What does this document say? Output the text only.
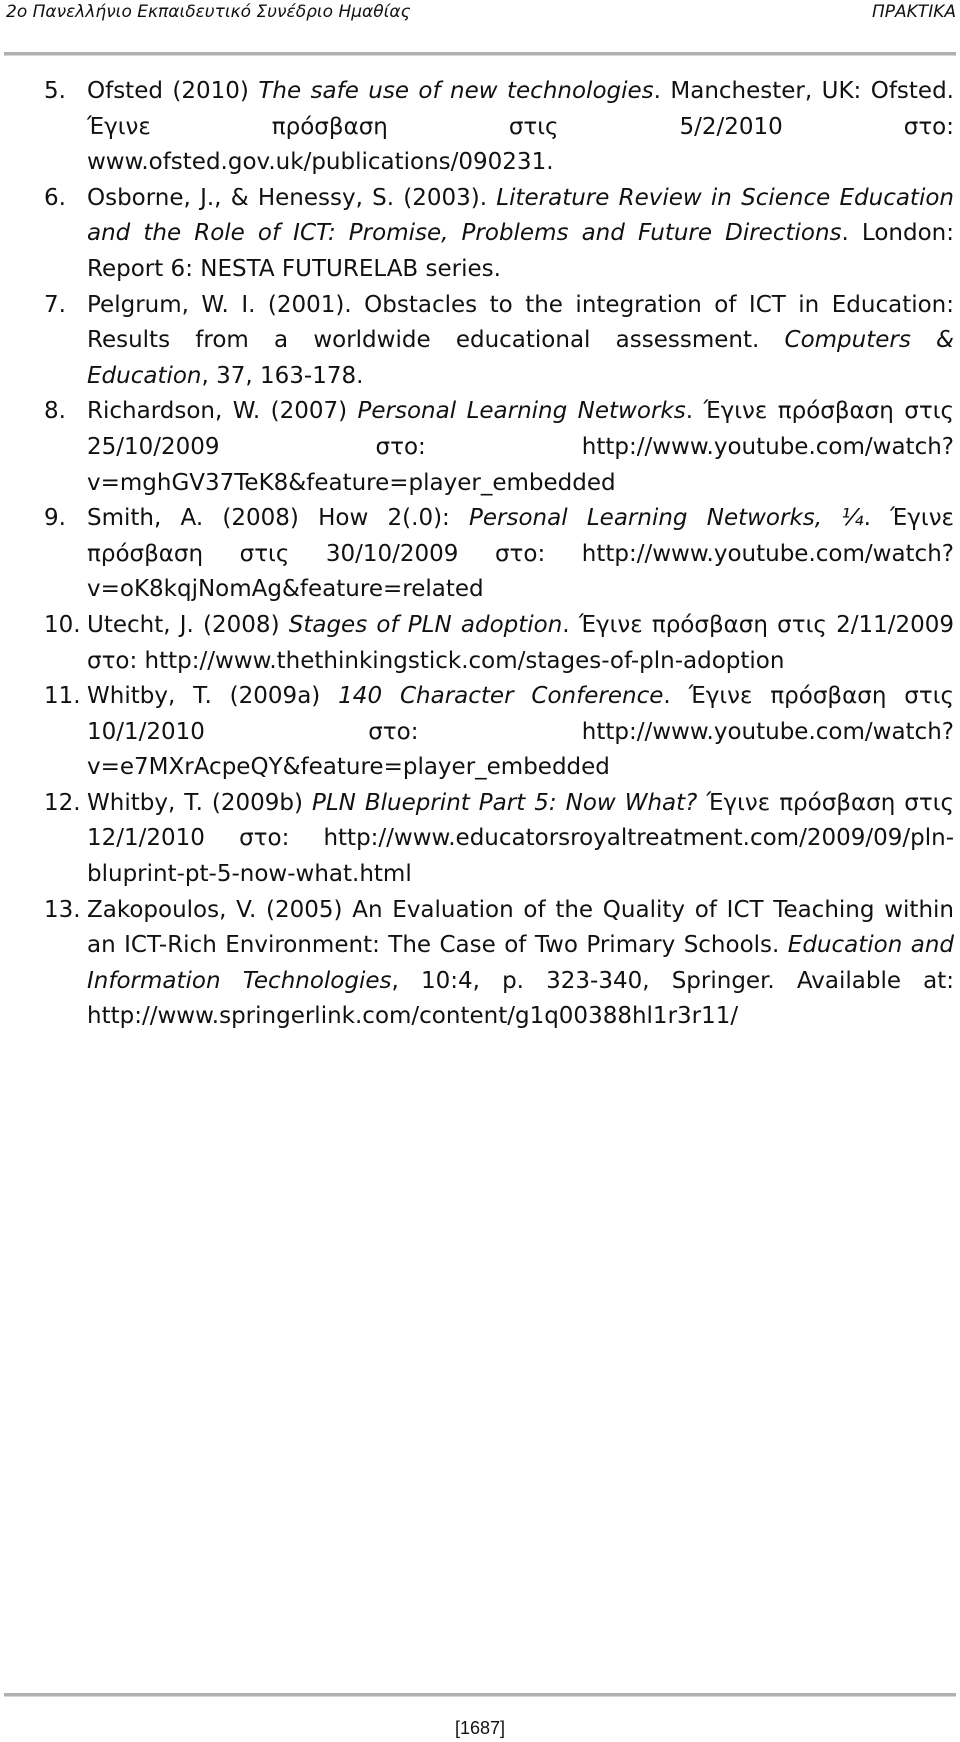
2ο Πανελλήνιο Εκπαιδευτικό Συνέδριο Ημαθίας	ΠΡΑΚΤΙΚΑ
5. Ofsted (2010) The safe use of new technologies. Manchester, UK: Ofsted. Έγινε πρόσβαση στις 5/2/2010 στο: www.ofsted.gov.uk/publications/090231.
6. Osborne, J., & Henessy, S. (2003). Literature Review in Science Education and the Role of ICT: Promise, Problems and Future Directions. London: Report 6: NESTA FUTURELAB series.
7. Pelgrum, W. I. (2001). Obstacles to the integration of ICT in Education: Results from a worldwide educational assessment. Computers & Education, 37, 163-178.
8. Richardson, W. (2007) Personal Learning Networks. Έγινε πρόσβαση στις 25/10/2009 στο: http://www.youtube.com/watch?v=mghGV37TeK8&feature=player_embedded
9. Smith, A. (2008) How 2(.0): Personal Learning Networks, ¼. Έγινε πρόσβαση στις 30/10/2009 στο: http://www.youtube.com/watch?v=oK8kqjNomAg&feature=related
10. Utecht, J. (2008) Stages of PLN adoption. Έγινε πρόσβαση στις 2/11/2009 στο: http://www.thethinkingstick.com/stages-of-pln-adoption
11. Whitby, T. (2009a) 140 Character Conference. Έγινε πρόσβαση στις 10/1/2010 στο: http://www.youtube.com/watch?v=e7MXrAcpeQY&feature=player_embedded
12. Whitby, T. (2009b) PLN Blueprint Part 5: Now What? Έγινε πρόσβαση στις 12/1/2010 στο: http://www.educatorsroyaltreatment.com/2009/09/pln-bluprint-pt-5-now-what.html
13. Zakopoulos, V. (2005) An Evaluation of the Quality of ICT Teaching within an ICT-Rich Environment: The Case of Two Primary Schools. Education and Information Technologies, 10:4, p. 323-340, Springer. Available at: http://www.springerlink.com/content/g1q00388hl1r3r11/
[1687]
